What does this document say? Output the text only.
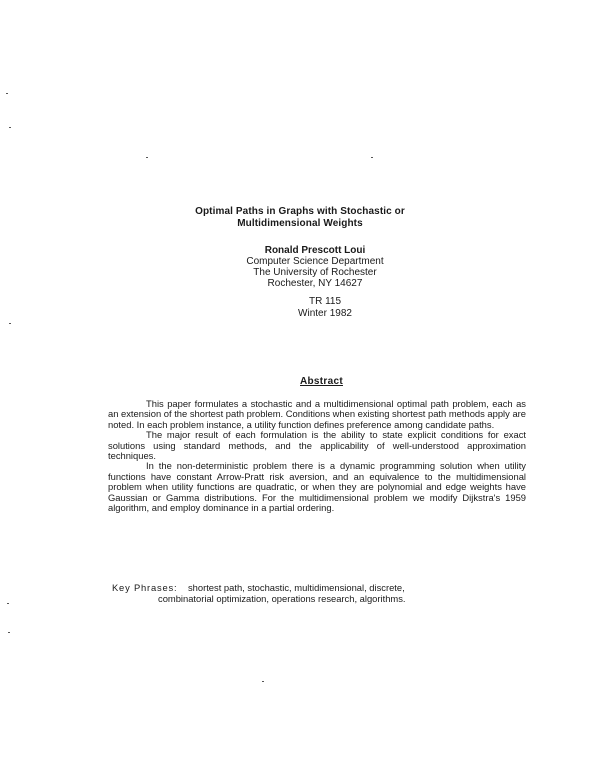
Optimal Paths in Graphs with Stochastic or
Multidimensional Weights
Ronald Prescott Loui
Computer Science Department
The University of Rochester
Rochester, NY 14627
TR 115
Winter 1982
Abstract

This paper formulates a stochastic and a multidimensional optimal path problem, each as an extension of the shortest path problem. Conditions when existing shortest path methods apply are noted. In each problem instance, a utility function defines preference among candidate paths.

The major result of each formulation is the ability to state explicit conditions for exact solutions using standard methods, and the applicability of well-understood approximation techniques.

In the non-deterministic problem there is a dynamic programming solution when utility functions have constant Arrow-Pratt risk aversion, and an equivalence to the multidimensional problem when utility functions are quadratic, or when they are polynomial and edge weights have Gaussian or Gamma distributions. For the multidimensional problem we modify Dijkstra's 1959 algorithm, and employ dominance in a partial ordering.

Key Phrases: shortest path, stochastic, multidimensional, discrete,
combinatorial optimization, operations research, algorithms.
